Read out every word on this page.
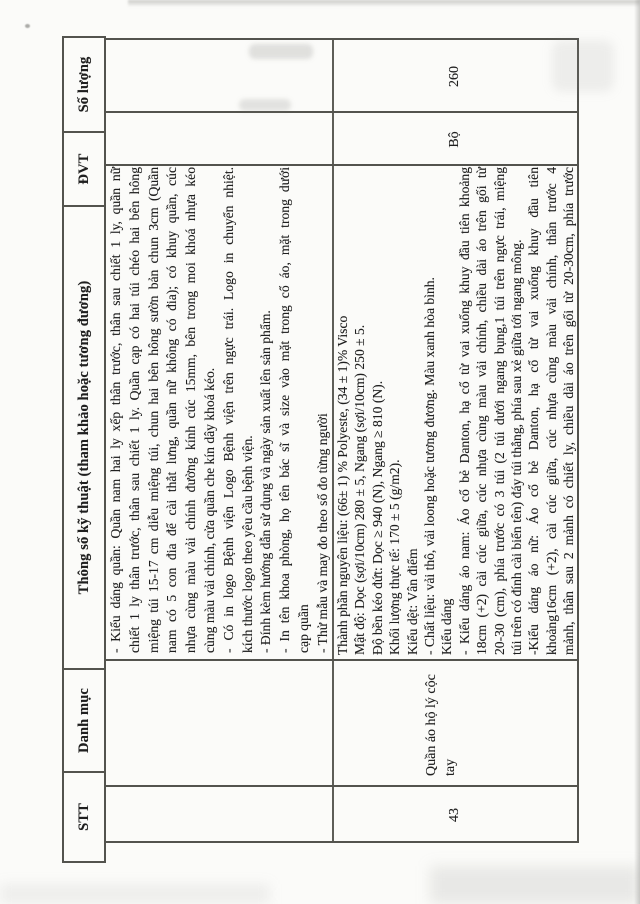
STT
Danh mục
Thông số kỹ thuật (tham khảo hoặc tương đương)
ĐVT
Số lượng
- Kiểu dáng quần: Quần nam hai ly xếp thân trước, thân sau chiết 1 ly, quần nữ chiết 1 ly thân trước, thân sau chiết 1 ly. Quần cạp có hai túi chéo hai bên hông miệng túi 15-17 cm diễu miệng túi, chun hai bên hông sườn bản chun 3cm (Quần nam có 5 con đia để cài thắt lưng, quần nữ không có đia); có khuy quần, cúc nhựa cùng màu vải chính đường kính cúc 15mm, bên trong moi khoá nhựa kéo cùng màu vải chính, cửa quần che kín dây khoá kéo. - Có in logo Bệnh viện Logo Bệnh viện trên ngực trái. Logo in chuyển nhiệt. kích thước logo theo yêu cầu bệnh viện. - Đính kèm hướng dẫn sử dụng và ngày sản xuất lên sản phẩm. - In tên khoa phòng, họ tên bác sĩ và size vào mặt trong cổ áo, mặt trong dưới cạp quần - Thử mẫu và may đo theo số đo từng người
43
Quần áo hộ lý cộc tay
Bộ
260
Thành phần nguyên liệu: (66± 1) % Polyeste, (34 ± 1)% Visco Mật độ: Dọc (sợi/10cm) 280 ± 5, Ngang (sợi/10cm) 250 ± 5. Độ bền kéo đứt: Dọc ≥ 940 (N), Ngang ≥ 810 (N). Khối lượng thực tế: 170 ± 5 (g/m2). Kiểu dệt: Vân điểm - Chất liệu: vải thô, vải loong hoặc tương đương. Màu xanh hòa bình. Kiểu dáng - Kiểu dáng áo nam: Áo cổ bẻ Danton, hạ cổ từ vai xuống khuy đầu tiên khoảng 18cm (+2) cài cúc giữa, cúc nhựa cùng màu vải chính, chiều dài áo trên gối từ 20-30 (cm), phía trước có 3 túi (2 túi dưới ngang bụng,1 túi trên ngực trái, miệng túi trên có đính cài biển tên) đáy túi thẳng, phía sau xẻ giữa tới ngang mông. -Kiểu dáng áo nữ: Áo cổ bẻ Danton, hạ cổ từ vai xuống khuy đầu tiên khoảng16cm (+2), cài cúc giữa, cúc nhựa cùng màu vải chính, thân trước 4 mảnh, thân sau 2 mảnh có chiết ly, chiều dài áo trên gối từ 20-30cm, phía trước
